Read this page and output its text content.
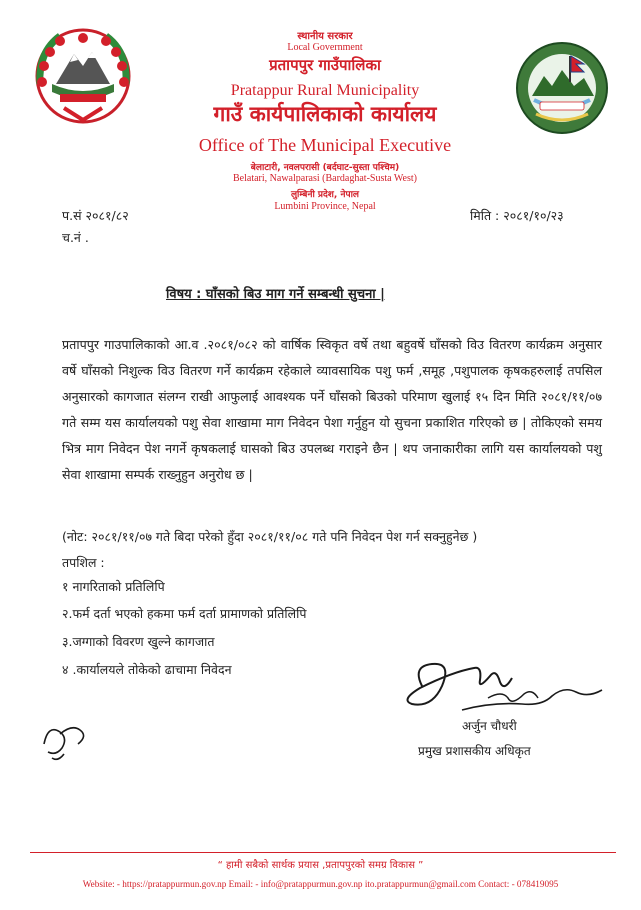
स्थानीय सरकार
Local Government
प्रतापपुर गाउँपालिका
Pratappur Rural Municipality
गाउँ कार्यपालिकाको कार्यालय
Office of The Municipal Executive
बेलाटारी, नवलपरासी (बर्दघाट-सुस्ता पश्चिम)
Belatari, Nawalparasi (Bardaghat-Susta West)
लुम्बिनी प्रदेश, नेपाल
Lumbini Province, Nepal
प.सं २०८१/८२
च.नं .
मिति : २०८१/१०/२३
विषय : घाँसको बिउ माग गर्ने सम्बन्धी सुचना |
प्रतापपुर गाउपालिकाको आ.व .२०८१/०८२ को वार्षिक स्विकृत वर्षे तथा बहुवर्षे घाँसको विउ वितरण कार्यक्रम अनुसार वर्षे घाँसको निशुल्क विउ वितरण गर्ने कार्यक्रम रहेकाले व्यावसायिक पशु फर्म ,समूह ,पशुपालक कृषकहरुलाई तपसिल अनुसारको कागजात संलग्न राखी आफुलाई आवश्यक पर्ने घाँसको बिउको परिमाण खुलाई १५ दिन मिति २०८१/११/०७ गते सम्म यस कार्यालयको पशु सेवा शाखामा माग निवेदन पेशा गर्नुहुन यो सुचना प्रकाशित गरिएको छ | तोकिएको समय भित्र माग निवेदन पेश नगर्ने कृषकलाई घासको बिउ उपलब्ध गराइने छैन | थप जनाकारीका लागि यस कार्यालयको पशु सेवा शाखामा सम्पर्क राख्नुहुन अनुरोध छ |
(नोट: २०८१/११/०७ गते बिदा परेको हुँदा २०८१/११/०८ गते पनि निवेदन पेश गर्न सक्नुहुनेछ )
तपशिल :
१ नागरिताको प्रतिलिपि
२.फर्म दर्ता भएको हकमा फर्म दर्ता प्रामाणको प्रतिलिपि
३.जग्गाको विवरण खुल्ने कागजात
४ .कार्यालयले तोकेको ढाचामा निवेदन
अर्जुन चौधरी
प्रमुख प्रशासकीय अधिकृत
“ हामी सबैको सार्थक प्रयास ,प्रतापपुरको समग्र विकास ”
Website: - https://pratappurmun.gov.np Email: - info@pratappurmun.gov.np ito.pratappurmun@gmail.com Contact: - 078419095
